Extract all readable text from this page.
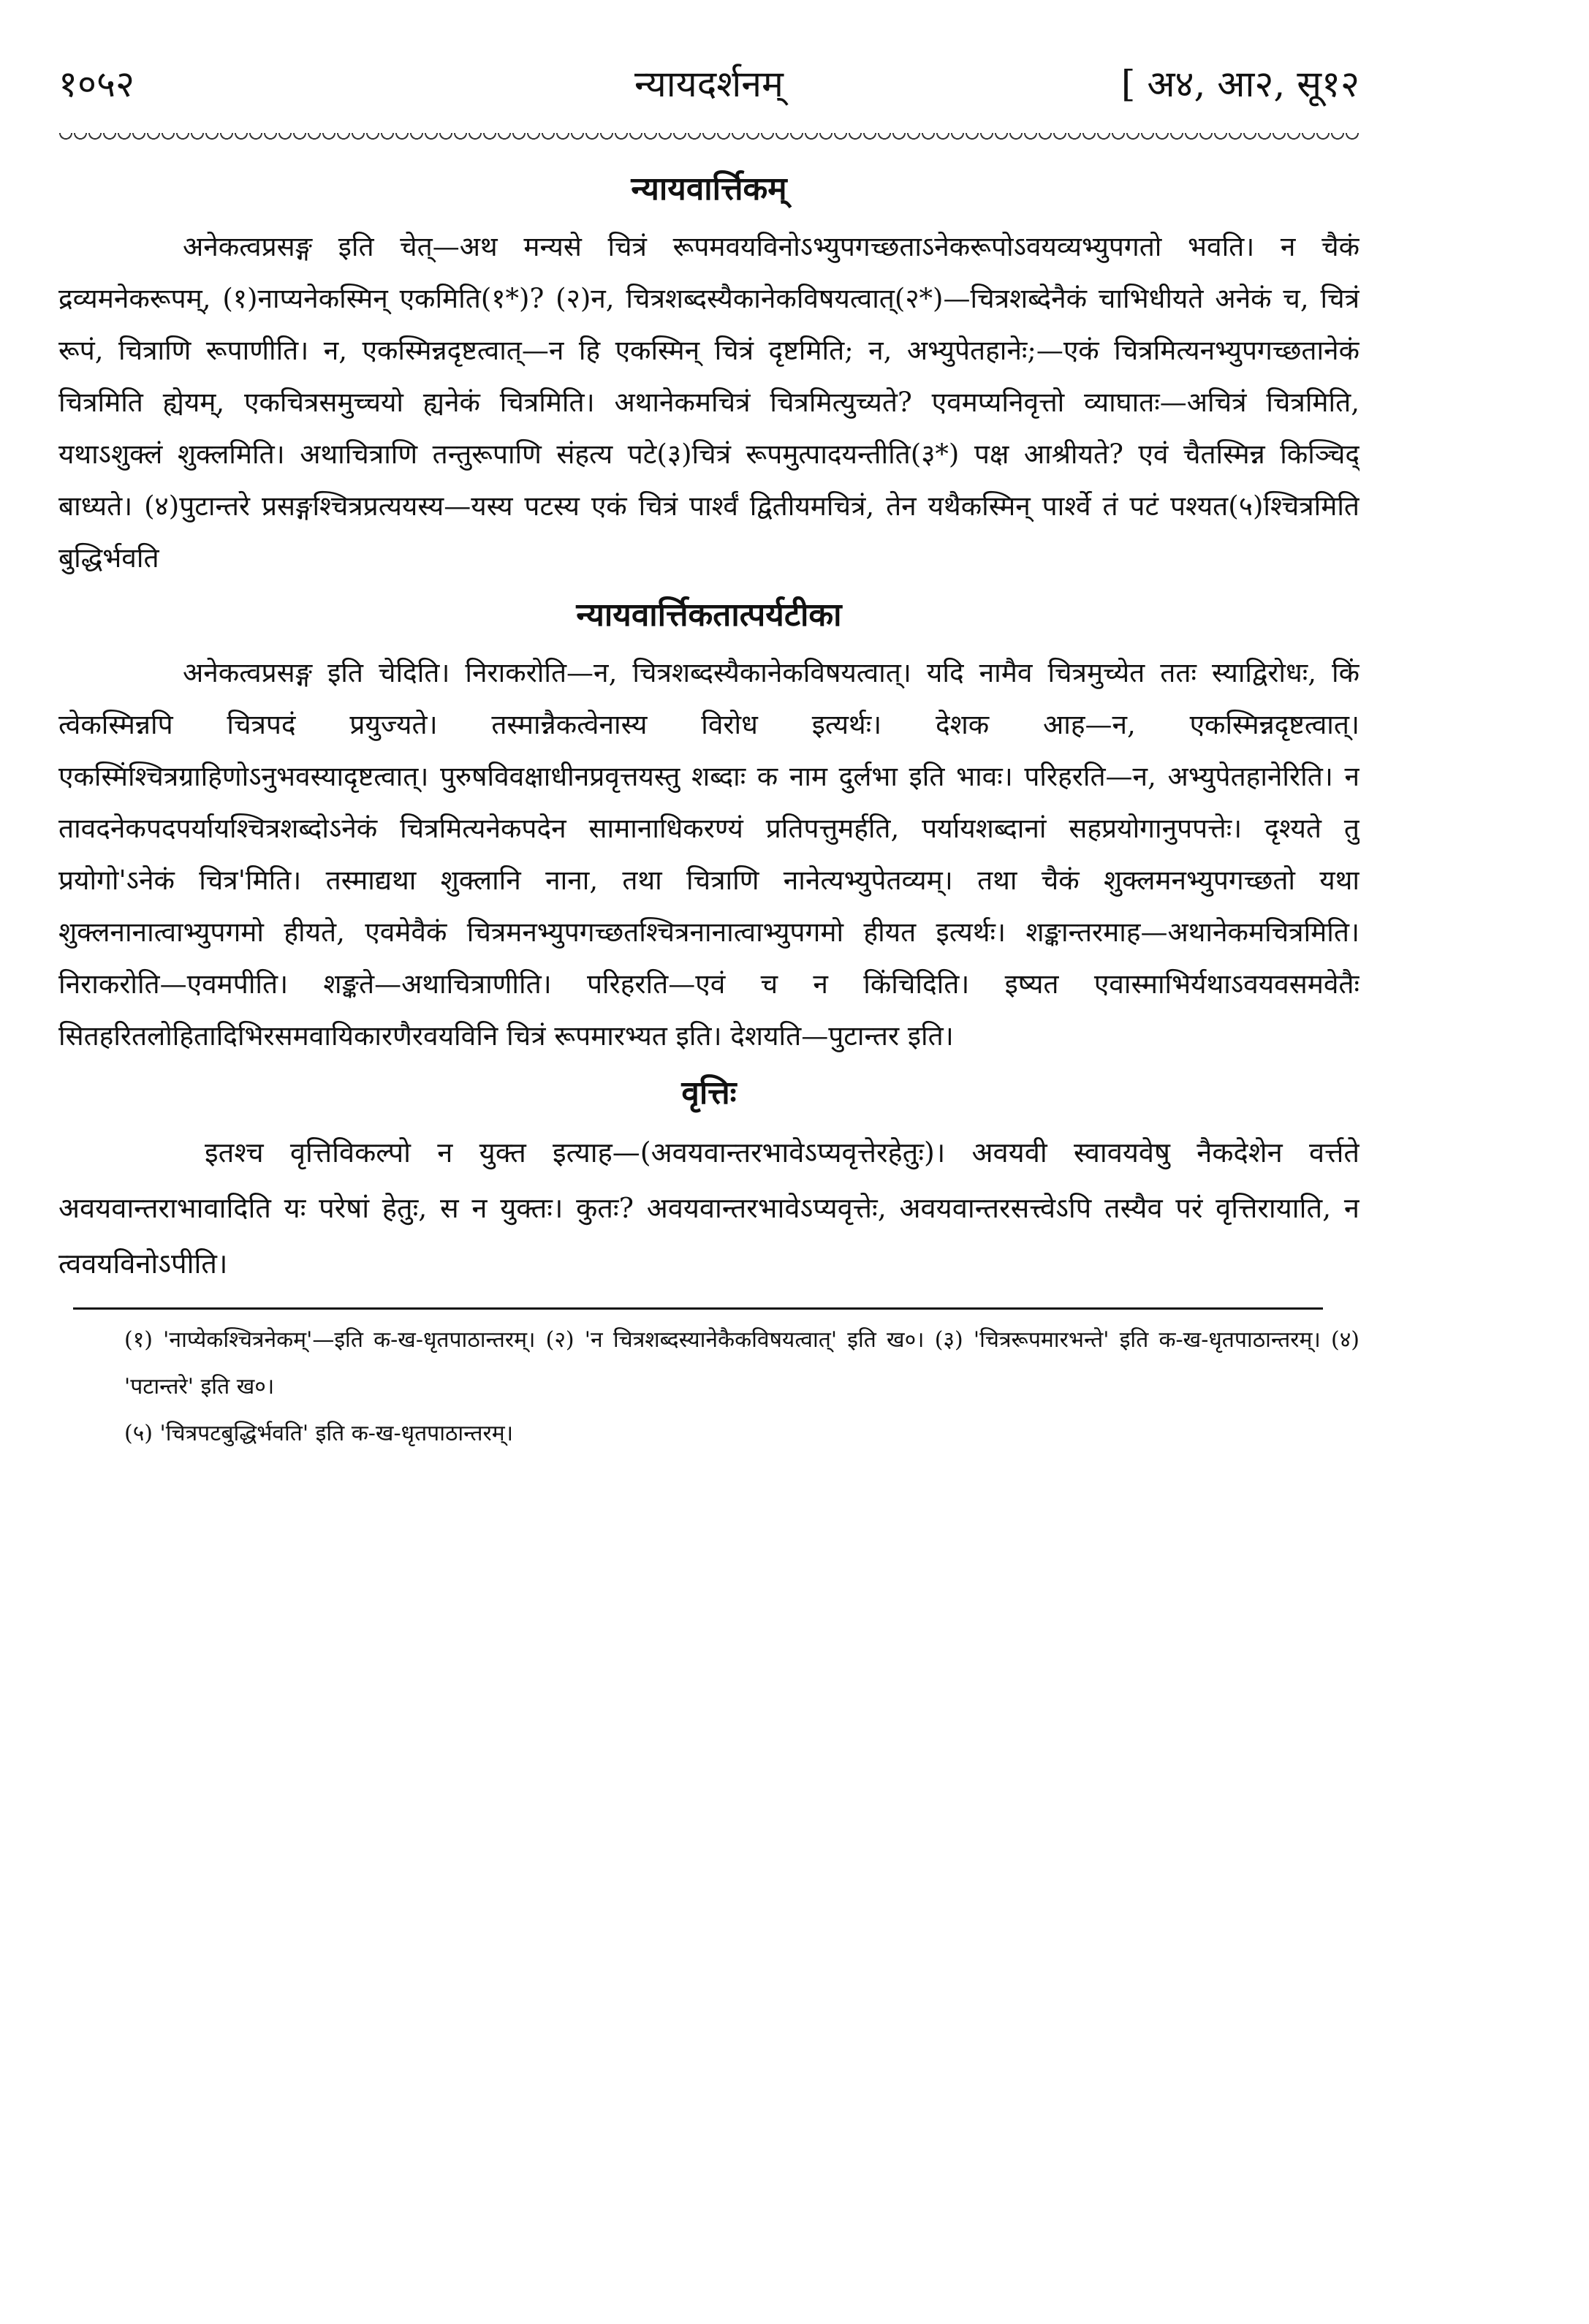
१०५२	न्यायदर्शनम्	[ अ४, आ२, सू१२
न्यायवार्त्तिकम्

अनेकत्वप्रसङ्ग इति चेत्—अथ मन्यसे चित्रं रूपमवयविनोऽभ्युपगच्छताऽनेकरूपोऽवयव्यभ्युपगतो भवति। न चैकं द्रव्यमनेकरूपम्, (१)नाप्यनेकस्मिन् एकमिति(१*)? (२)न, चित्रशब्दस्यैकानेकविषयत्वात्(२*)—चित्रशब्देनैकं चाभिधीयते अनेकं च, चित्रं रूपं, चित्राणि रूपाणीति। न, एकस्मिन्नदृष्टत्वात्—न हि एकस्मिन् चित्रं दृष्टमिति; न, अभ्युपेतहानेः;—एकं चित्रमित्यनभ्युपगच्छतानेकं चित्रमिति ह्येयम्, एकचित्रसमुच्चयो ह्यनेकं चित्रमिति। अथानेकमचित्रं चित्रमित्युच्यते? एवमप्यनिवृत्तो व्याघातः—अचित्रं चित्रमिति, यथाऽशुक्लं शुक्लमिति। अथाचित्राणि तन्तुरूपाणि संहत्य पटे(३)चित्रं रूपमुत्पादयन्तीति(३*) पक्ष आश्रीयते? एवं चैतस्मिन्न किञ्चिद् बाध्यते। (४)पुटान्तरे प्रसङ्गश्चित्रप्रत्ययस्य—यस्य पटस्य एकं चित्रं पार्श्वं द्वितीयमचित्रं, तेन यथैकस्मिन् पार्श्वे तं पटं पश्यत(५)श्चित्रमिति बुद्धिर्भवति

न्यायवार्त्तिकतात्पर्यटीका

अनेकत्वप्रसङ्ग इति चेदिति। निराकरोति—न, चित्रशब्दस्यैकानेकविषयत्वात्। यदि नामैव चित्रमुच्येत ततः स्याद्विरोधः, किं त्वेकस्मिन्नपि चित्रपदं प्रयुज्यते। तस्मान्नैकत्वेनास्य विरोध इत्यर्थः। देशक आह—न, एकस्मिन्नदृष्टत्वात्। एकस्मिंश्चित्रग्राहिणोऽनुभवस्यादृष्टत्वात्। पुरुषविवक्षाधीनप्रवृत्तयस्तु शब्दाः क नाम दुर्लभा इति भावः। परिहरति—न, अभ्युपेतहानेरिति। न तावदनेकपदपर्यायश्चित्रशब्दोऽनेकं चित्रमित्यनेकपदेन सामानाधिकरण्यं प्रतिपत्तुमर्हति, पर्यायशब्दानां सहप्रयोगानुपपत्तेः। दृश्यते तु प्रयोगो'ऽनेकं चित्र'मिति। तस्माद्यथा शुक्लानि नाना, तथा चित्राणि नानेत्यभ्युपेतव्यम्। तथा चैकं शुक्लमनभ्युपगच्छतो यथा शुक्लनानात्वाभ्युपगमो हीयते, एवमेवैकं चित्रमनभ्युपगच्छतश्चित्रनानात्वाभ्युपगमो हीयत इत्यर्थः। शङ्कान्तरमाह—अथानेकमचित्रमिति। निराकरोति—एवमपीति। शङ्कते—अथाचित्राणीति। परिहरति—एवं च न किंचिदिति। इष्यत एवास्माभिर्यथाऽवयवसमवेतैः सितहरितलोहितादिभिरसमवायिकारणैरवयविनि चित्रं रूपमारभ्यत इति। देशयति—पुटान्तर इति।

वृत्तिः

इतश्च वृत्तिविकल्पो न युक्त इत्याह—(अवयवान्तरभावेऽप्यवृत्तेरहेतुः)। अवयवी स्वावयवेषु नैकदेशेन वर्त्तते अवयवान्तराभावादिति यः परेषां हेतुः, स न युक्तः। कुतः? अवयवान्तरभावेऽप्यवृत्तेः, अवयवान्तरसत्त्वेऽपि तस्यैव परं वृत्तिरायाति, न त्ववयविनोऽपीति।

(१) 'नाप्येकश्चित्रनेकम्'—इति क-ख-धृतपाठान्तरम्। (२) 'न चित्रशब्दस्यानेकैकविषयत्वात्' इति ख०। (३) 'चित्ररूपमारभन्ते' इति क-ख-धृतपाठान्तरम्। (४) 'पटान्तरे' इति ख०।

(५) 'चित्रपटबुद्धिर्भवति' इति क-ख-धृतपाठान्तरम्।
